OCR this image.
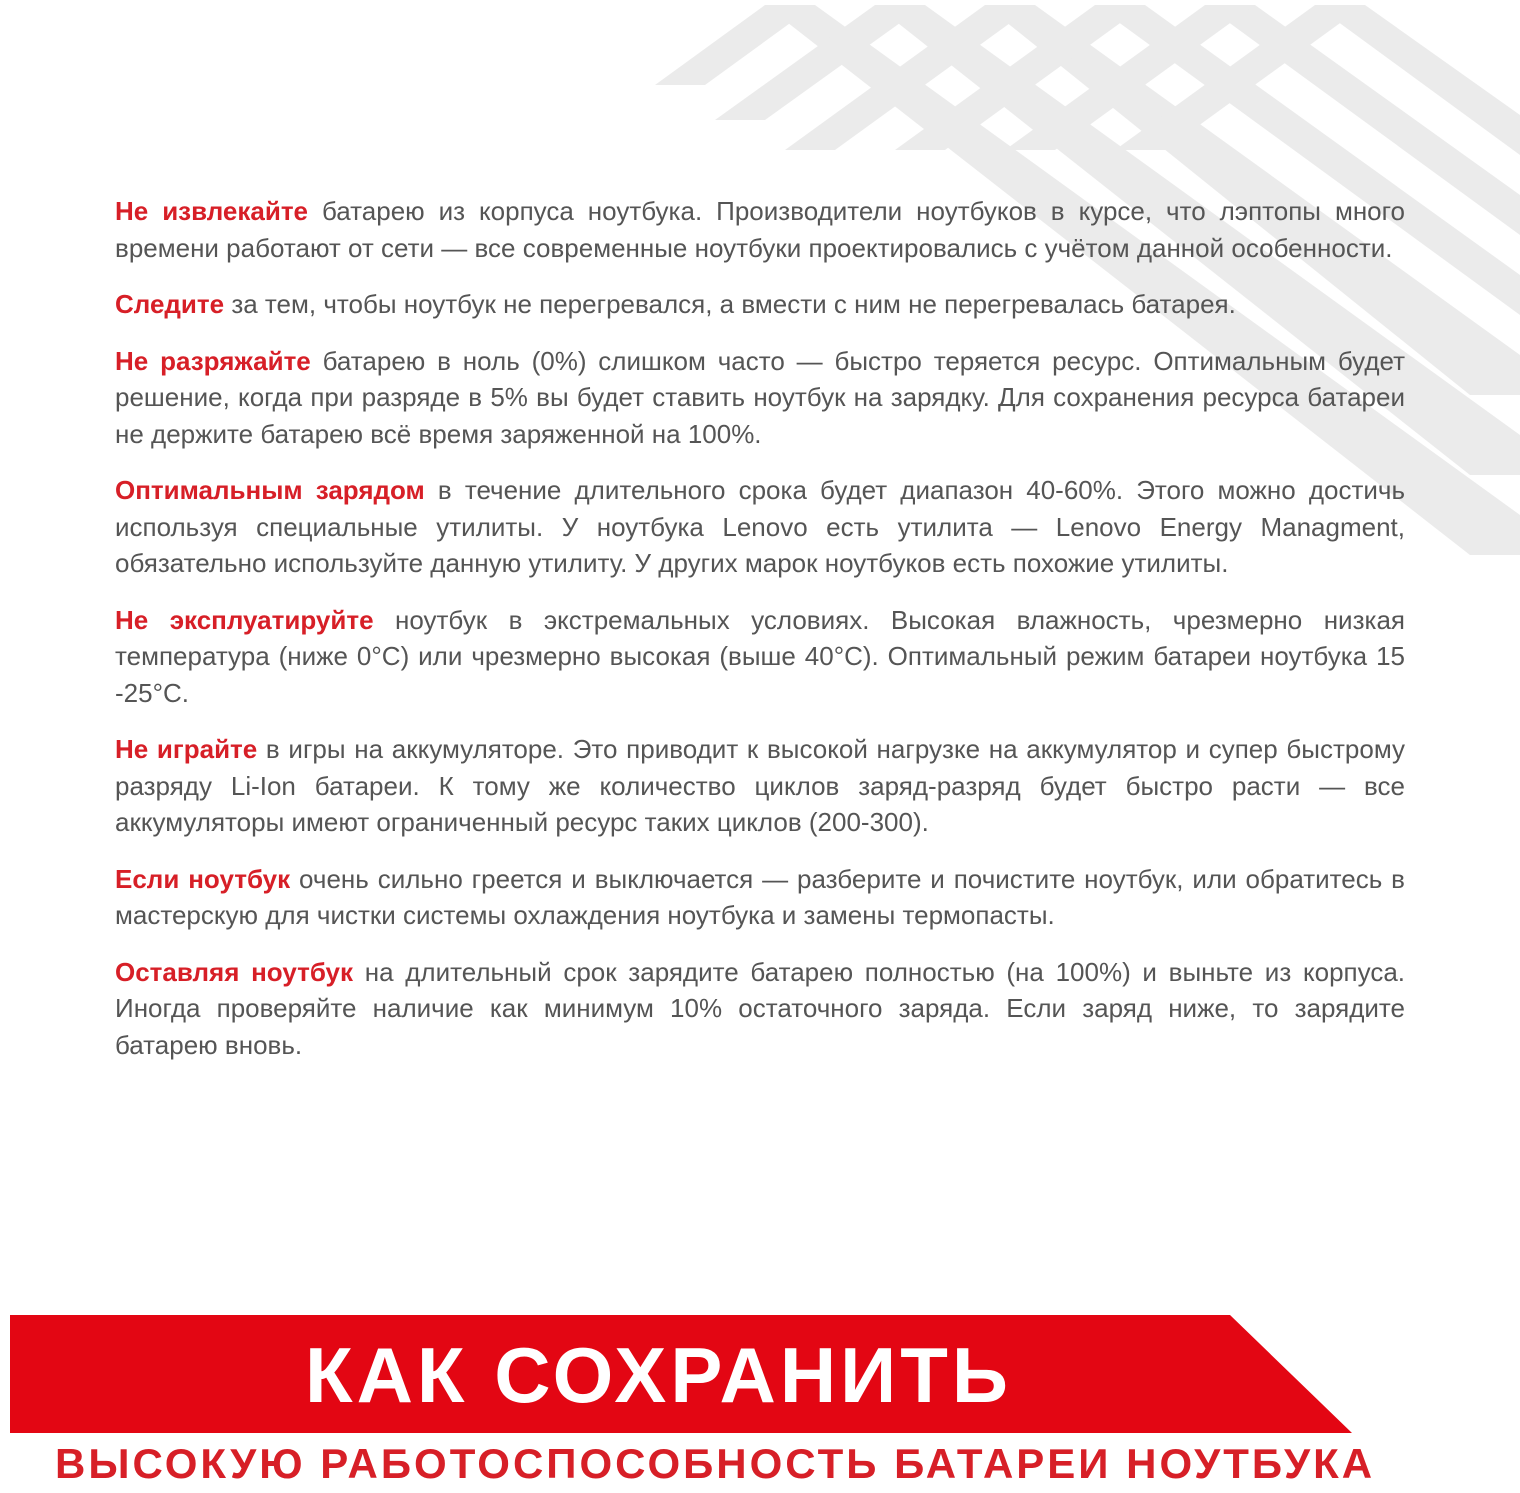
Не извлекайте батарею из корпуса ноутбука. Производители ноутбуков в курсе, что лэптопы много времени работают от сети — все современные ноутбуки проектировались с учётом данной особенности.

Следите за тем, чтобы ноутбук не перегревался, а вмести с ним не перегревалась батарея.

Не разряжайте батарею в ноль (0%) слишком часто — быстро теряется ресурс. Оптимальным будет решение, когда при разряде в 5% вы будет ставить ноутбук на зарядку. Для сохранения ресурса батареи не держите батарею всё время заряженной на 100%.

Оптимальным зарядом в течение длительного срока будет диапазон 40-60%. Этого можно достичь используя специальные утилиты. У ноутбука Lenovo есть утилита — Lenovo Energy Managment, обязательно используйте данную утилиту. У других марок ноутбуков есть похожие утилиты.

Не эксплуатируйте ноутбук в экстремальных условиях. Высокая влажность, чрезмерно низкая температура (ниже 0°С) или чрезмерно высокая (выше 40°С). Оптимальный режим батареи ноутбука 15 -25°С.

Не играйте в игры на аккумуляторе. Это приводит к высокой нагрузке на аккумулятор и супер быстрому разряду Li-Ion батареи. К тому же количество циклов заряд-разряд будет быстро расти — все аккумуляторы имеют ограниченный ресурс таких циклов (200-300).

Если ноутбук очень сильно греется и выключается — разберите и почистите ноутбук, или обратитесь в мастерскую для чистки системы охлаждения ноутбука и замены термопасты.

Оставляя ноутбук на длительный срок зарядите батарею полностью (на 100%) и выньте из корпуса. Иногда проверяйте наличие как минимум 10% остаточного заряда. Если заряд ниже, то зарядите батарею вновь.

КАК СОХРАНИТЬ
ВЫСОКУЮ РАБОТОСПОСОБНОСТЬ БАТАРЕИ НОУТБУКА
